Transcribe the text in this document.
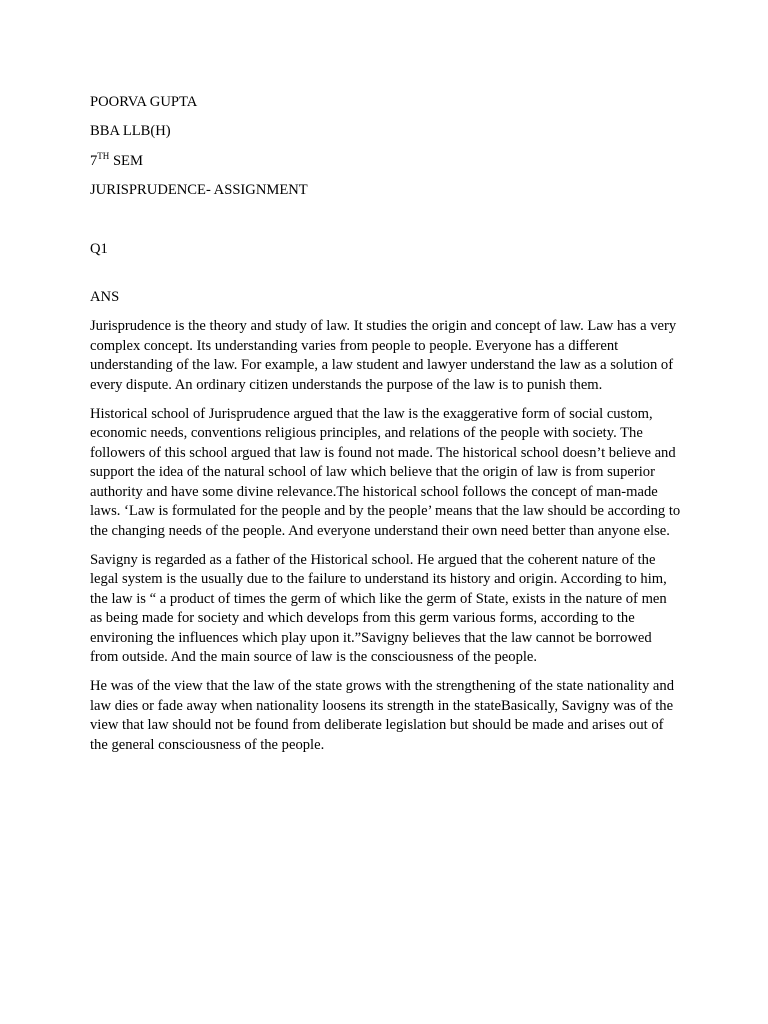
POORVA GUPTA
BBA LLB(H)
7TH SEM
JURISPRUDENCE- ASSIGNMENT
Q1
ANS

Jurisprudence is the theory and study of law. It studies the origin and concept of law. Law has a very complex concept. Its understanding varies from people to people. Everyone has a different understanding of the law. For example, a law student and lawyer understand the law as a solution of every dispute. An ordinary citizen understands the purpose of the law is to punish them.

Historical school of Jurisprudence argued that the law is the exaggerative form of social custom, economic needs, conventions religious principles, and relations of the people with society. The followers of this school argued that law is found not made. The historical school doesn’t believe and support the idea of the natural school of law which believe that the origin of law is from superior authority and have some divine relevance.The historical school follows the concept of man-made laws. ‘Law is formulated for the people and by the people’ means that the law should be according to the changing needs of the people. And everyone understand their own need better than anyone else.

Savigny is regarded as a father of the Historical school. He argued that the coherent nature of the legal system is the usually due to the failure to understand its history and origin. According to him, the law is “ a product of times the germ of which like the germ of State, exists in the nature of men as being made for society and which develops from this germ various forms, according to the environing the influences which play upon it.”Savigny believes that the law cannot be borrowed from outside. And the main source of law is the consciousness of the people.

He was of the view that the law of the state grows with the strengthening of the state nationality and law dies or fade away when nationality loosens its strength in the stateBasically, Savigny was of the view that law should not be found from deliberate legislation but should be made and arises out of the general consciousness of the people.
